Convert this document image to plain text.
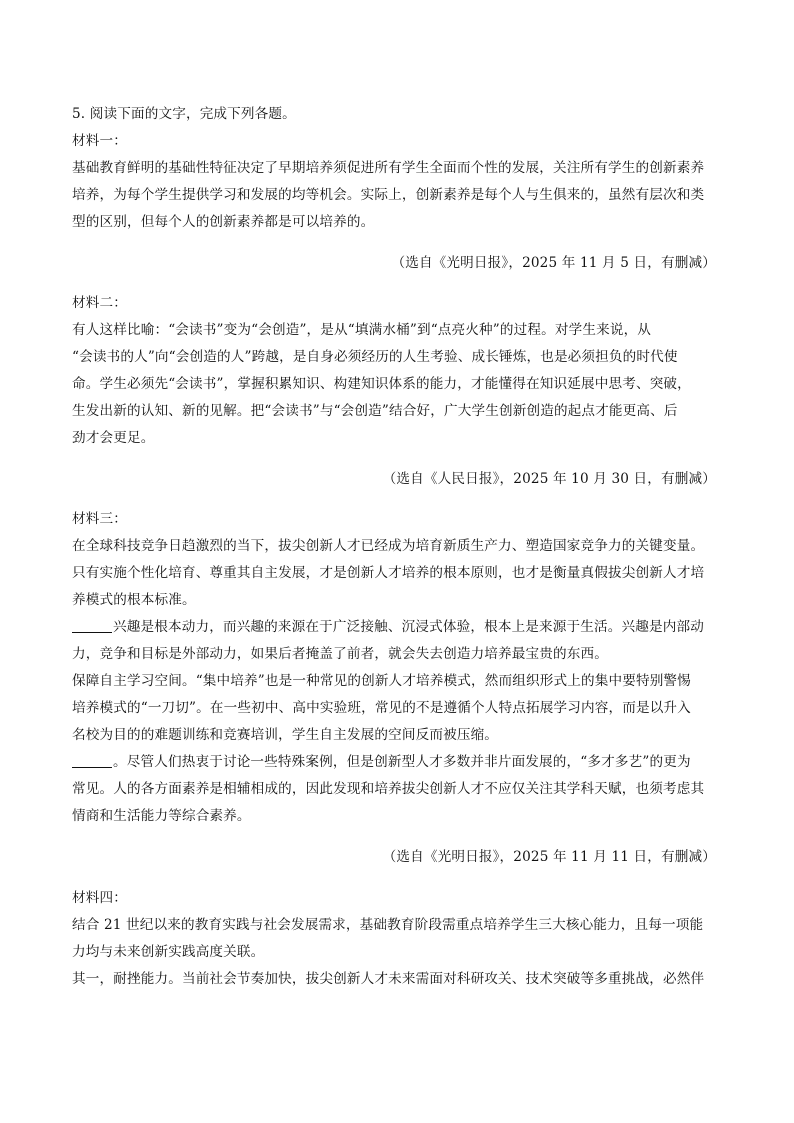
5. 阅读下面的文字，完成下列各题。

材料一：

基础教育鲜明的基础性特征决定了早期培养须促进所有学生全面而个性的发展，关注所有学生的创新素养

培养，为每个学生提供学习和发展的均等机会。实际上，创新素养是每个人与生俱来的，虽然有层次和类

型的区别，但每个人的创新素养都是可以培养的。

（选自《光明日报》，2025 年 11 月 5 日，有删减）

材料二：

有人这样比喻：“会读书”变为“会创造”，是从“填满水桶”到“点亮火种”的过程。对学生来说，从

“会读书的人”向“会创造的人”跨越，是自身必须经历的人生考验、成长锤炼，也是必须担负的时代使

命。学生必须先“会读书”，掌握积累知识、构建知识体系的能力，才能懂得在知识延展中思考、突破，

生发出新的认知、新的见解。把“会读书”与“会创造”结合好，广大学生创新创造的起点才能更高、后

劲才会更足。

（选自《人民日报》，2025 年 10 月 30 日，有删减）

材料三：

在全球科技竞争日趋激烈的当下，拔尖创新人才已经成为培育新质生产力、塑造国家竞争力的关键变量。

只有实施个性化培育、尊重其自主发展，才是创新人才培养的根本原则，也才是衡量真假拔尖创新人才培

养模式的根本标准。

兴趣是根本动力，而兴趣的来源在于广泛接触、沉浸式体验，根本上是来源于生活。兴趣是内部动

力，竞争和目标是外部动力，如果后者掩盖了前者，就会失去创造力培养最宝贵的东西。

保障自主学习空间。“集中培养”也是一种常见的创新人才培养模式，然而组织形式上的集中要特别警惕

培养模式的“一刀切”。在一些初中、高中实验班，常见的不是遵循个人特点拓展学习内容，而是以升入

名校为目的的难题训练和竞赛培训，学生自主发展的空间反而被压缩。

。尽管人们热衷于讨论一些特殊案例，但是创新型人才多数并非片面发展的，“多才多艺”的更为

常见。人的各方面素养是相辅相成的，因此发现和培养拔尖创新人才不应仅关注其学科天赋，也须考虑其

情商和生活能力等综合素养。

（选自《光明日报》，2025 年 11 月 11 日，有删减）

材料四：

结合 21 世纪以来的教育实践与社会发展需求，基础教育阶段需重点培养学生三大核心能力，且每一项能

力均与未来创新实践高度关联。

其一，耐挫能力。当前社会节奏加快，拔尖创新人才未来需面对科研攻关、技术突破等多重挑战，必然伴
